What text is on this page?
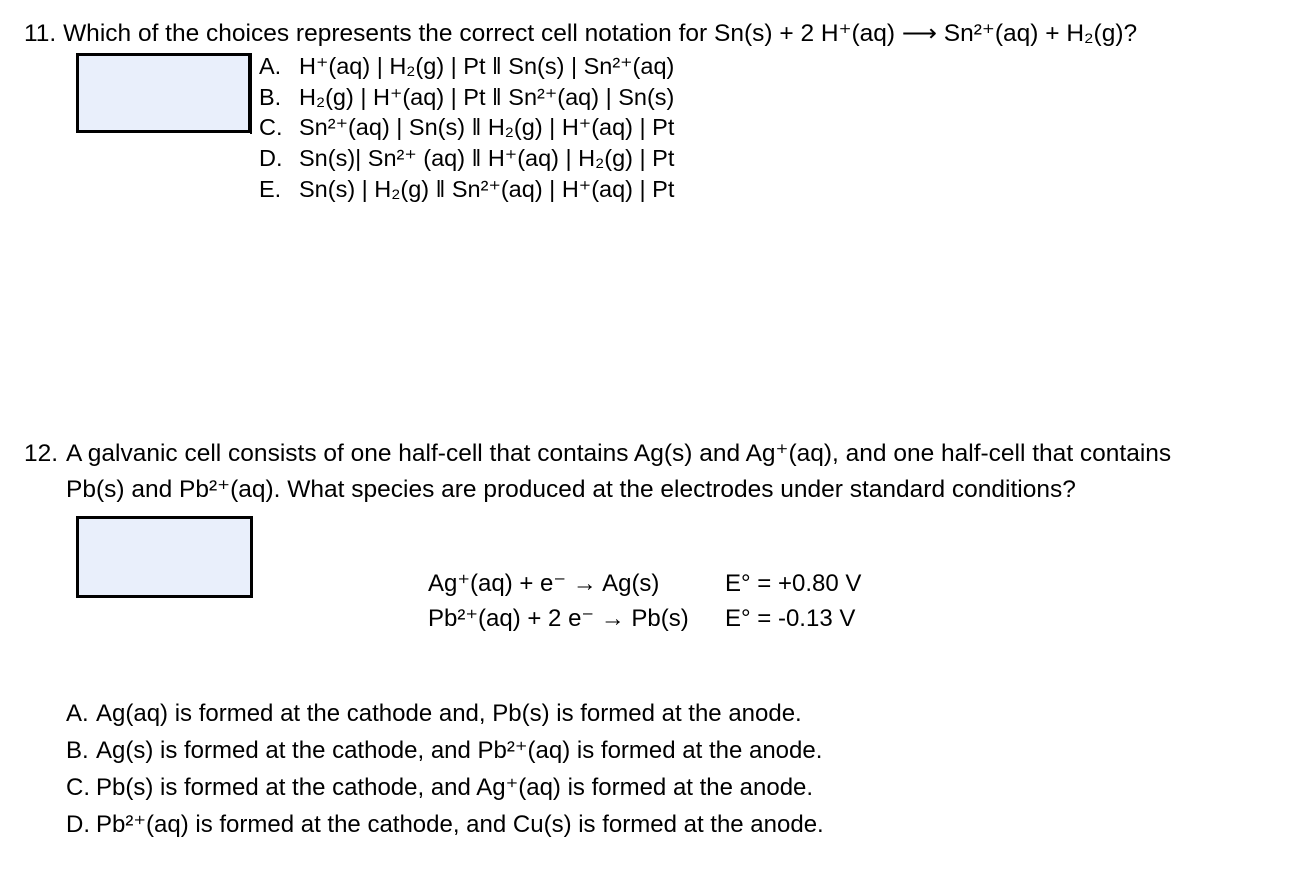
11. Which of the choices represents the correct cell notation for Sn(s) + 2 H⁺(aq) ⟶ Sn²⁺(aq) + H₂(g)?
A. H⁺(aq) | H₂(g) | Pt ‖ Sn(s) | Sn²⁺(aq)
B. H₂(g) | H⁺(aq) | Pt ‖ Sn²⁺(aq) | Sn(s)
C. Sn²⁺(aq) | Sn(s) ‖ H₂(g) | H⁺(aq) | Pt
D. Sn(s)| Sn²⁺ (aq) ‖ H⁺(aq) | H₂(g) | Pt
E. Sn(s) | H₂(g) ‖ Sn²⁺(aq) | H⁺(aq) | Pt
12. A galvanic cell consists of one half-cell that contains Ag(s) and Ag⁺(aq), and one half-cell that contains
Pb(s) and Pb²⁺(aq). What species are produced at the electrodes under standard conditions?
Ag⁺(aq) + e⁻ → Ag(s)	E° = +0.80 V
Pb²⁺(aq) + 2 e⁻ → Pb(s) E° = -0.13 V
A. Ag(aq) is formed at the cathode and, Pb(s) is formed at the anode.
B. Ag(s) is formed at the cathode, and Pb²⁺(aq) is formed at the anode.
C. Pb(s) is formed at the cathode, and Ag⁺(aq) is formed at the anode.
D. Pb²⁺(aq) is formed at the cathode, and Cu(s) is formed at the anode.
